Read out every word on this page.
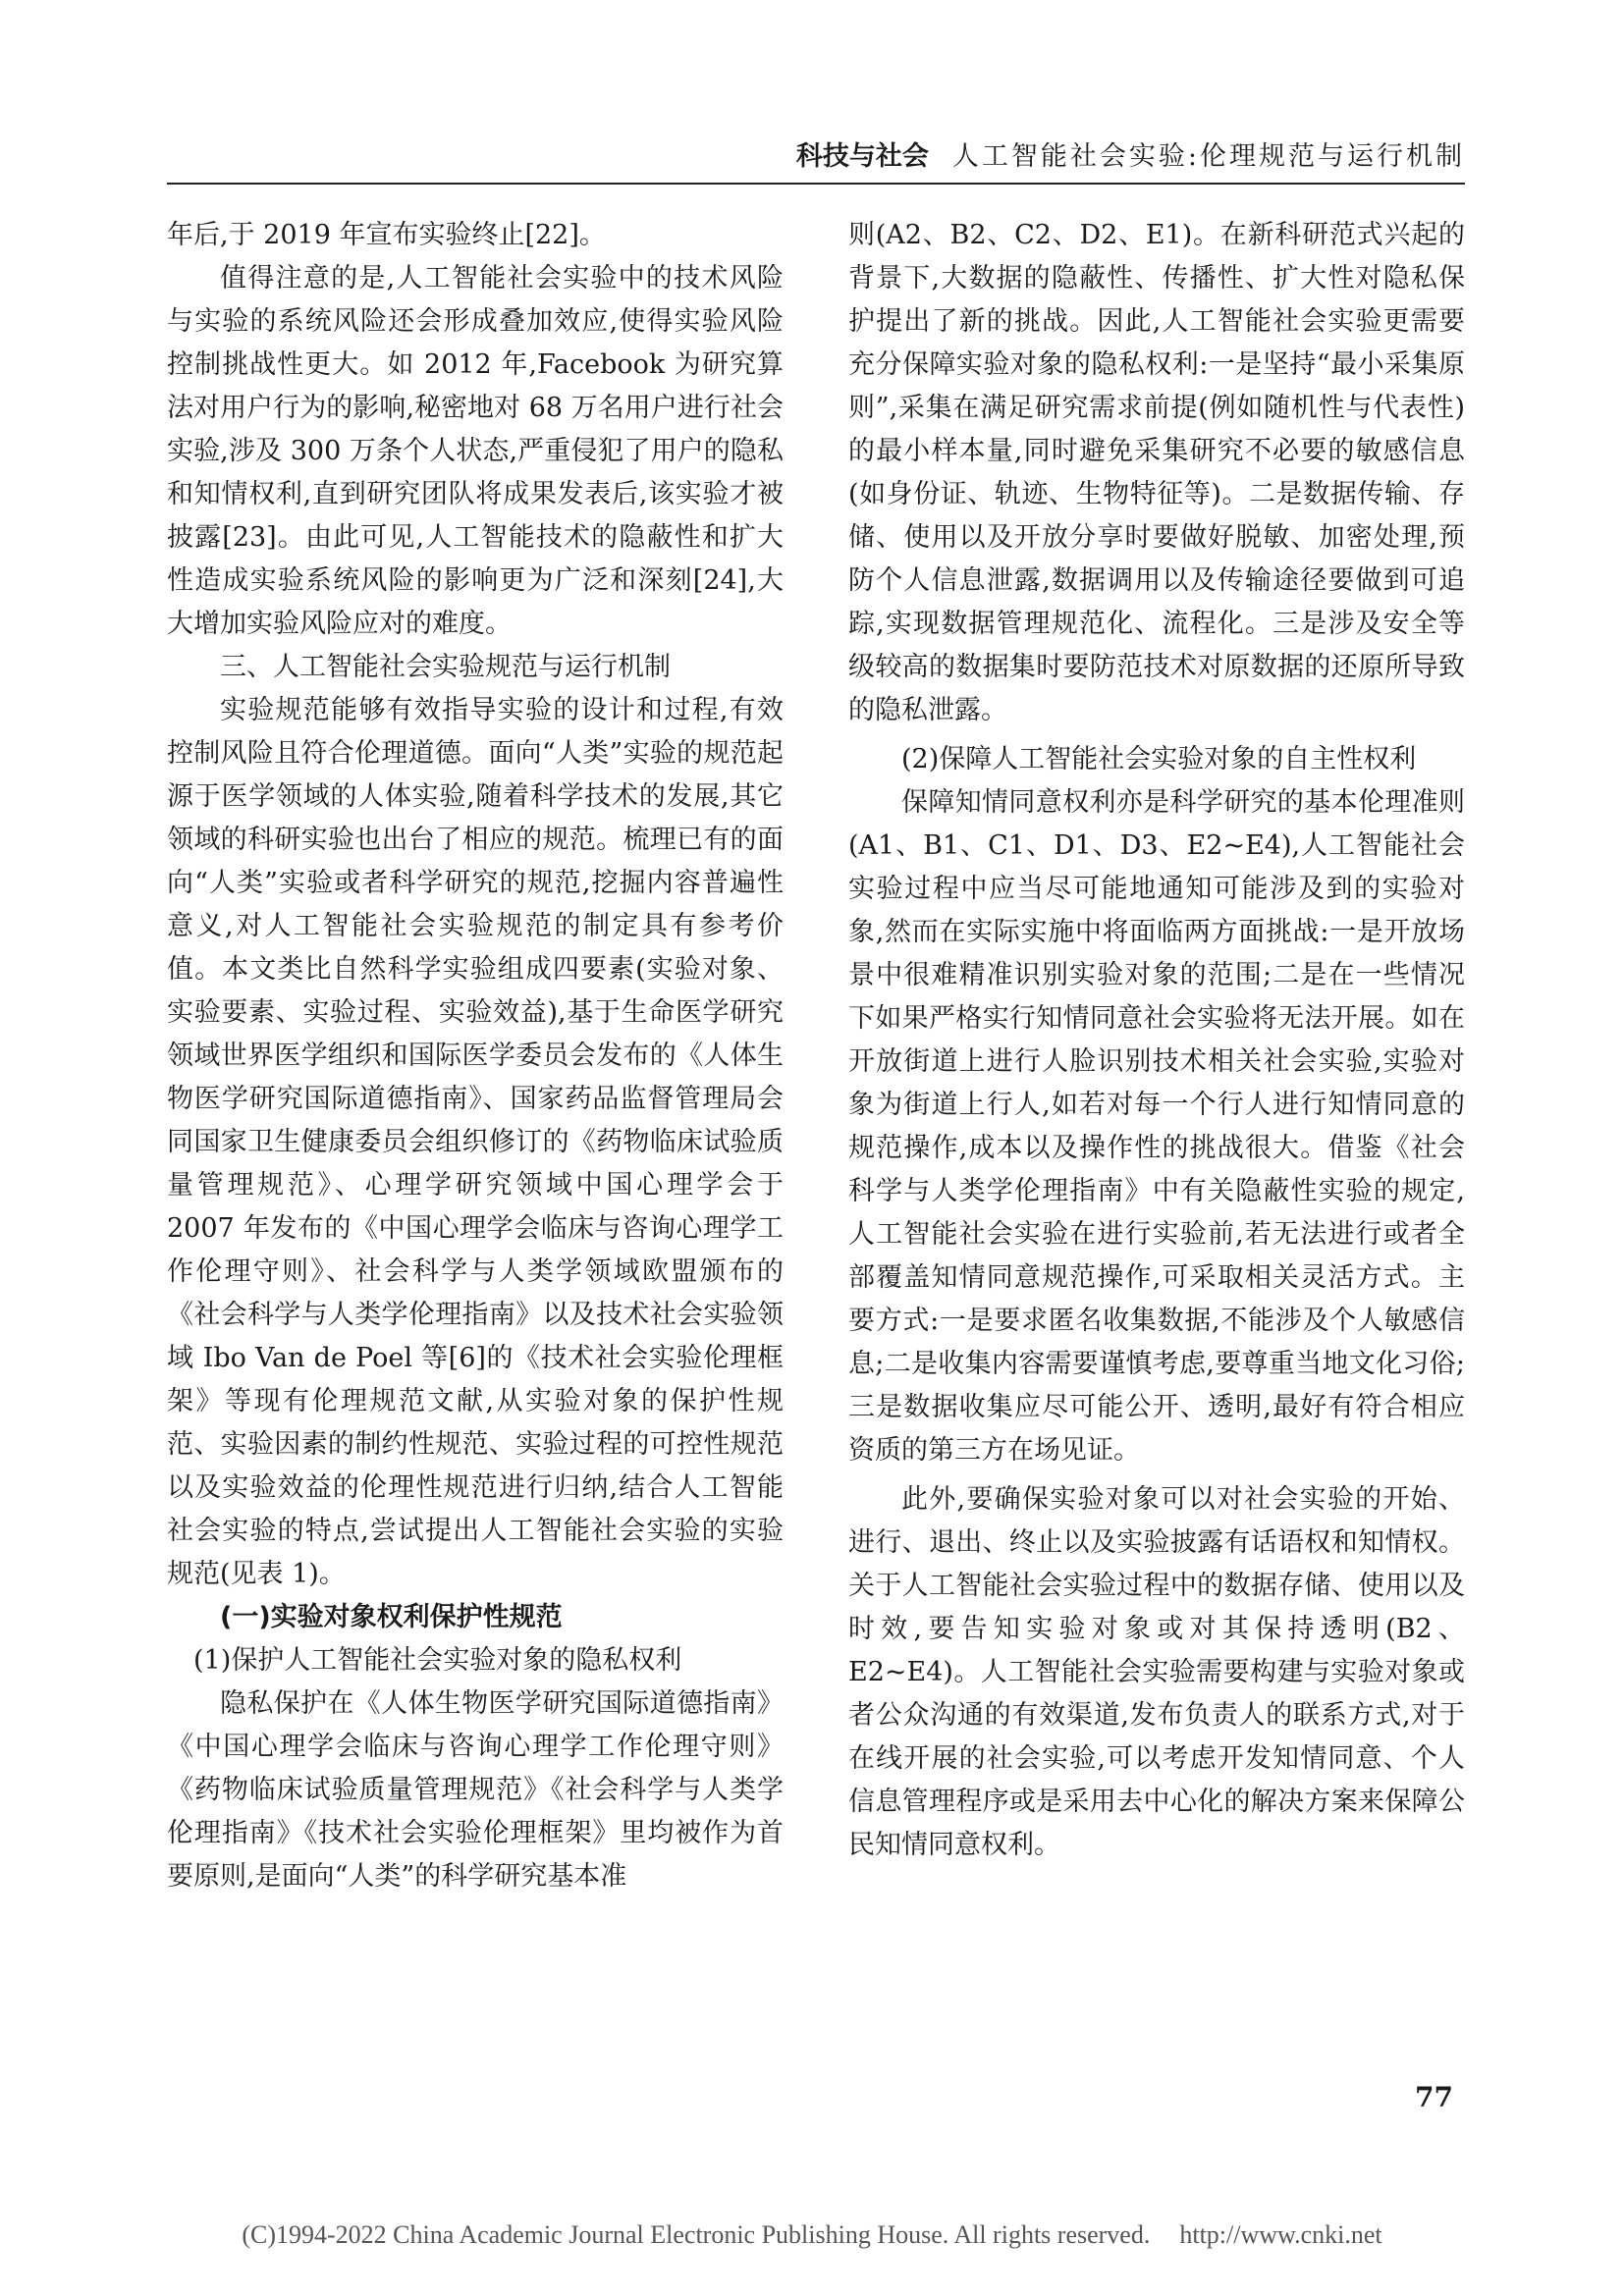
科技与社会 人工智能社会实验:伦理规范与运行机制

年后,于 2019 年宣布实验终止[22]。

值得注意的是,人工智能社会实验中的技术风险与实验的系统风险还会形成叠加效应,使得实验风险控制挑战性更大。如 2012 年,Facebook 为研究算法对用户行为的影响,秘密地对 68 万名用户进行社会实验,涉及 300 万条个人状态,严重侵犯了用户的隐私和知情权利,直到研究团队将成果发表后,该实验才被披露[23]。由此可见,人工智能技术的隐蔽性和扩大性造成实验系统风险的影响更为广泛和深刻[24],大大增加实验风险应对的难度。

三、人工智能社会实验规范与运行机制

实验规范能够有效指导实验的设计和过程,有效控制风险且符合伦理道德。面向“人类”实验的规范起源于医学领域的人体实验,随着科学技术的发展,其它领域的科研实验也出台了相应的规范。梳理已有的面向“人类”实验或者科学研究的规范,挖掘内容普遍性意义,对人工智能社会实验规范的制定具有参考价值。本文类比自然科学实验组成四要素(实验对象、实验要素、实验过程、实验效益),基于生命医学研究领域世界医学组织和国际医学委员会发布的《人体生物医学研究国际道德指南》、国家药品监督管理局会同国家卫生健康委员会组织修订的《药物临床试验质量管理规范》、心理学研究领域中国心理学会于 2007 年发布的《中国心理学会临床与咨询心理学工作伦理守则》、社会科学与人类学领域欧盟颁布的《社会科学与人类学伦理指南》以及技术社会实验领域 Ibo Van de Poel 等[6]的《技术社会实验伦理框架》等现有伦理规范文献,从实验对象的保护性规范、实验因素的制约性规范、实验过程的可控性规范以及实验效益的伦理性规范进行归纳,结合人工智能社会实验的特点,尝试提出人工智能社会实验的实验规范(见表 1)。

(一)实验对象权利保护性规范

(1)保护人工智能社会实验对象的隐私权利

隐私保护在《人体生物医学研究国际道德指南》《中国心理学会临床与咨询心理学工作伦理守则》《药物临床试验质量管理规范》《社会科学与人类学伦理指南》《技术社会实验伦理框架》里均被作为首要原则,是面向“人类”的科学研究基本准

则(A2、B2、C2、D2、E1)。在新科研范式兴起的背景下,大数据的隐蔽性、传播性、扩大性对隐私保护提出了新的挑战。因此,人工智能社会实验更需要充分保障实验对象的隐私权利:一是坚持“最小采集原则”,采集在满足研究需求前提(例如随机性与代表性)的最小样本量,同时避免采集研究不必要的敏感信息(如身份证、轨迹、生物特征等)。二是数据传输、存储、使用以及开放分享时要做好脱敏、加密处理,预防个人信息泄露,数据调用以及传输途径要做到可追踪,实现数据管理规范化、流程化。三是涉及安全等级较高的数据集时要防范技术对原数据的还原所导致的隐私泄露。

(2)保障人工智能社会实验对象的自主性权利

保障知情同意权利亦是科学研究的基本伦理准则(A1、B1、C1、D1、D3、E2~E4),人工智能社会实验过程中应当尽可能地通知可能涉及到的实验对象,然而在实际实施中将面临两方面挑战:一是开放场景中很难精准识别实验对象的范围;二是在一些情况下如果严格实行知情同意社会实验将无法开展。如在开放街道上进行人脸识别技术相关社会实验,实验对象为街道上行人,如若对每一个行人进行知情同意的规范操作,成本以及操作性的挑战很大。借鉴《社会科学与人类学伦理指南》中有关隐蔽性实验的规定,人工智能社会实验在进行实验前,若无法进行或者全部覆盖知情同意规范操作,可采取相关灵活方式。主要方式:一是要求匿名收集数据,不能涉及个人敏感信息;二是收集内容需要谨慎考虑,要尊重当地文化习俗;三是数据收集应尽可能公开、透明,最好有符合相应资质的第三方在场见证。

此外,要确保实验对象可以对社会实验的开始、进行、退出、终止以及实验披露有话语权和知情权。关于人工智能社会实验过程中的数据存储、使用以及时效,要告知实验对象或对其保持透明(B2、E2~E4)。人工智能社会实验需要构建与实验对象或者公众沟通的有效渠道,发布负责人的联系方式,对于在线开展的社会实验,可以考虑开发知情同意、个人信息管理程序或是采用去中心化的解决方案来保障公民知情同意权利。

77
(C)1994-2022 China Academic Journal Electronic Publishing House. All rights reserved. http://www.cnki.net
